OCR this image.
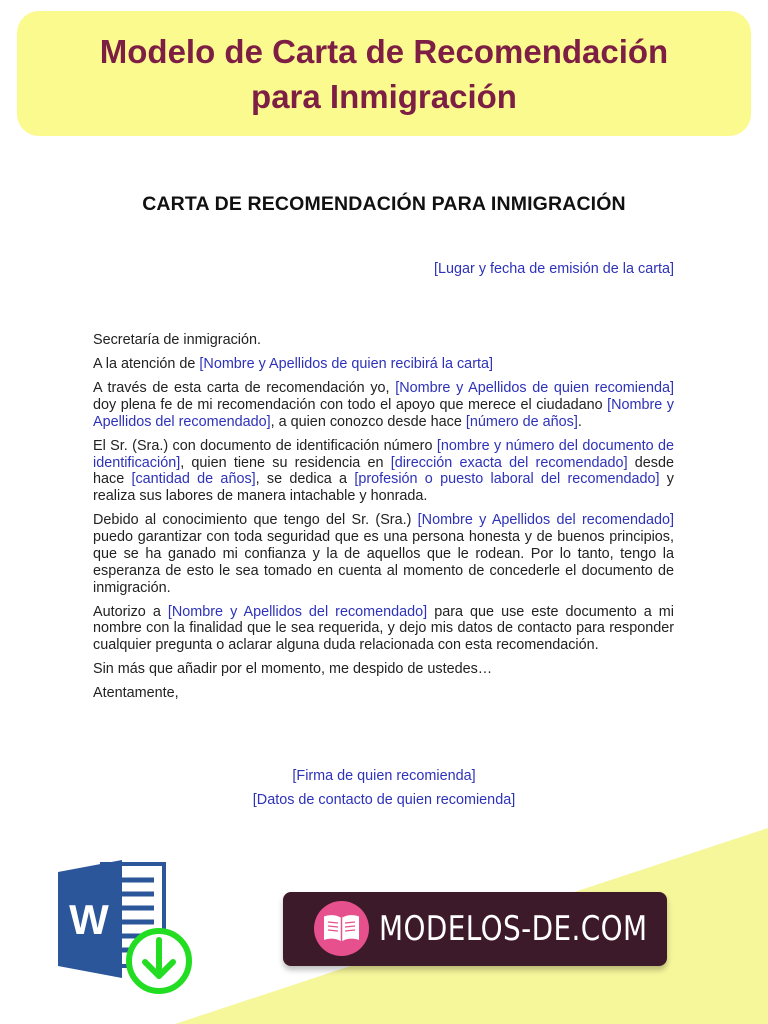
Modelo de Carta de Recomendación
para Inmigración
CARTA DE RECOMENDACIÓN PARA INMIGRACIÓN
[Lugar y fecha de emisión de la carta]

Secretaría de inmigración.

A la atención de [Nombre y Apellidos de quien recibirá la carta]

A través de esta carta de recomendación yo, [Nombre y Apellidos de quien recomienda] doy plena fe de mi recomendación con todo el apoyo que merece el ciudadano [Nombre y Apellidos del recomendado], a quien conozco desde hace [número de años].

El Sr. (Sra.) con documento de identificación número [nombre y número del documento de identificación], quien tiene su residencia en [dirección exacta del recomendado] desde hace [cantidad de años], se dedica a [profesión o puesto laboral del recomendado] y realiza sus labores de manera intachable y honrada.

Debido al conocimiento que tengo del Sr. (Sra.) [Nombre y Apellidos del recomendado] puedo garantizar con toda seguridad que es una persona honesta y de buenos principios, que se ha ganado mi confianza y la de aquellos que le rodean. Por lo tanto, tengo la esperanza de esto le sea tomado en cuenta al momento de concederle el documento de inmigración.

Autorizo a [Nombre y Apellidos del recomendado] para que use este documento a mi nombre con la finalidad que le sea requerida, y dejo mis datos de contacto para responder cualquier pregunta o aclarar alguna duda relacionada con esta recomendación.

Sin más que añadir por el momento, me despido de ustedes…

Atentamente,

[Firma de quien recomienda]
[Datos de contacto de quien recomienda]
W	MODELOS-DE.COM
